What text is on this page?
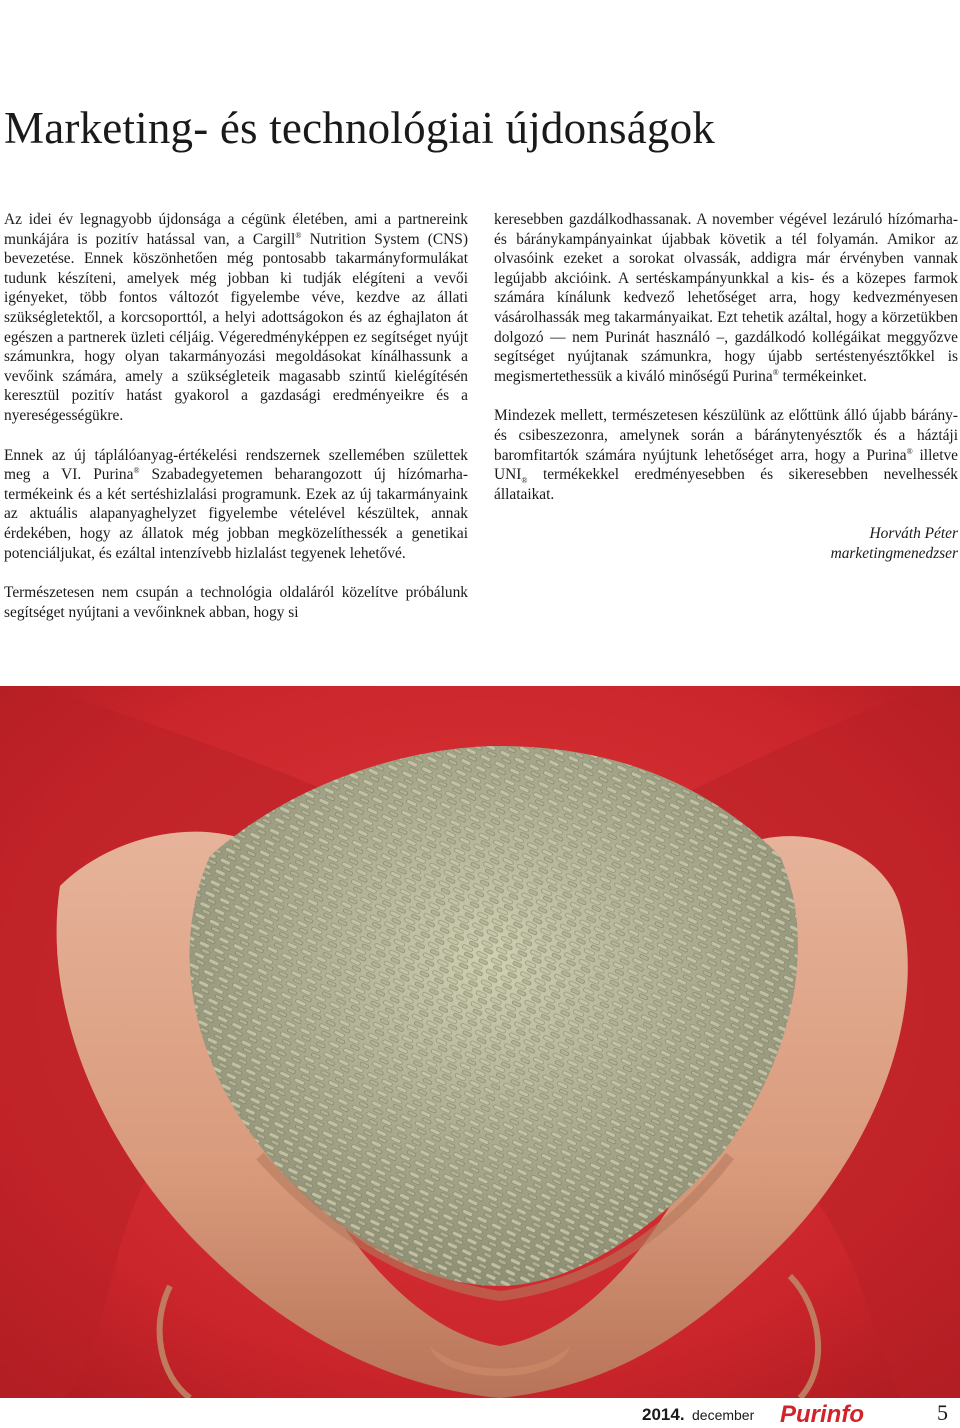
Marketing- és technológiai újdonságok

Az idei év legnagyobb újdonsága a cégünk életében, ami a partnereink munkájára is pozitív hatással van, a Cargill® Nutrition System (CNS) bevezetése. Ennek köszönhetően még pontosabb takarmányformulákat tudunk készíteni, amelyek még jobban ki tudják elégíteni a vevői igényeket, több fontos változót figyelembe véve, kezdve az állati szükségletektől, a korcsoporttól, a helyi adottságokon és az éghajlaton át egészen a partnerek üzleti céljáig. Végeredményképpen ez segítséget nyújt számunkra, hogy olyan takarmányozási megoldásokat kínálhassunk a vevőink számára, amely a szükségleteik magasabb szintű kielégítésén keresztül pozitív hatást gyakorol a gazdasági eredményeikre és a nyereségességükre.

Ennek az új táplálóanyag-értékelési rendszernek szellemében születtek meg a VI. Purina® Szabadegyetemen beharangozott új hízómarha-termékeink és a két sertéshizlalási programunk. Ezek az új takarmányaink az aktuális alapanyaghelyzet figyelembe vételével készültek, annak érdekében, hogy az állatok még jobban megközelíthessék a genetikai potenciáljukat, és ezáltal intenzívebb hizlalást tegyenek lehetővé.

Természetesen nem csupán a technológia oldaláról közelítve próbálunk segítséget nyújtani a vevőinknek abban, hogy si

keresebben gazdálkodhassanak. A november végével lezáruló hízómarha- és báránykampányainkat újabbak követik a tél folyamán. Amikor az olvasóink ezeket a sorokat olvassák, addigra már érvényben vannak legújabb akcióink. A sertéskampányunkkal a kis- és a közepes farmok számára kínálunk kedvező lehetőséget arra, hogy kedvezményesen vásárolhassák meg takarmányaikat. Ezt tehetik azáltal, hogy a körzetükben dolgozó — nem Purinát használó –, gazdálkodó kollégáikat meggyőzve segítséget nyújtanak számunkra, hogy újabb sertéstenyésztőkkel is megismertethessük a kiváló minőségű Purina® termékeinket.

Mindezek mellett, természetesen készülünk az előttünk álló újabb bárány- és csibeszezonra, amelynek során a báránytenyésztők és a háztáji baromfitartók számára nyújtunk lehetőséget arra, hogy a Purina® illetve $UNI_®$ termékekkel eredményesebben és sikeresebben nevelhessék állataikat.

Horváth Péter
marketingmenedzser
2014. december Purinfo	5
